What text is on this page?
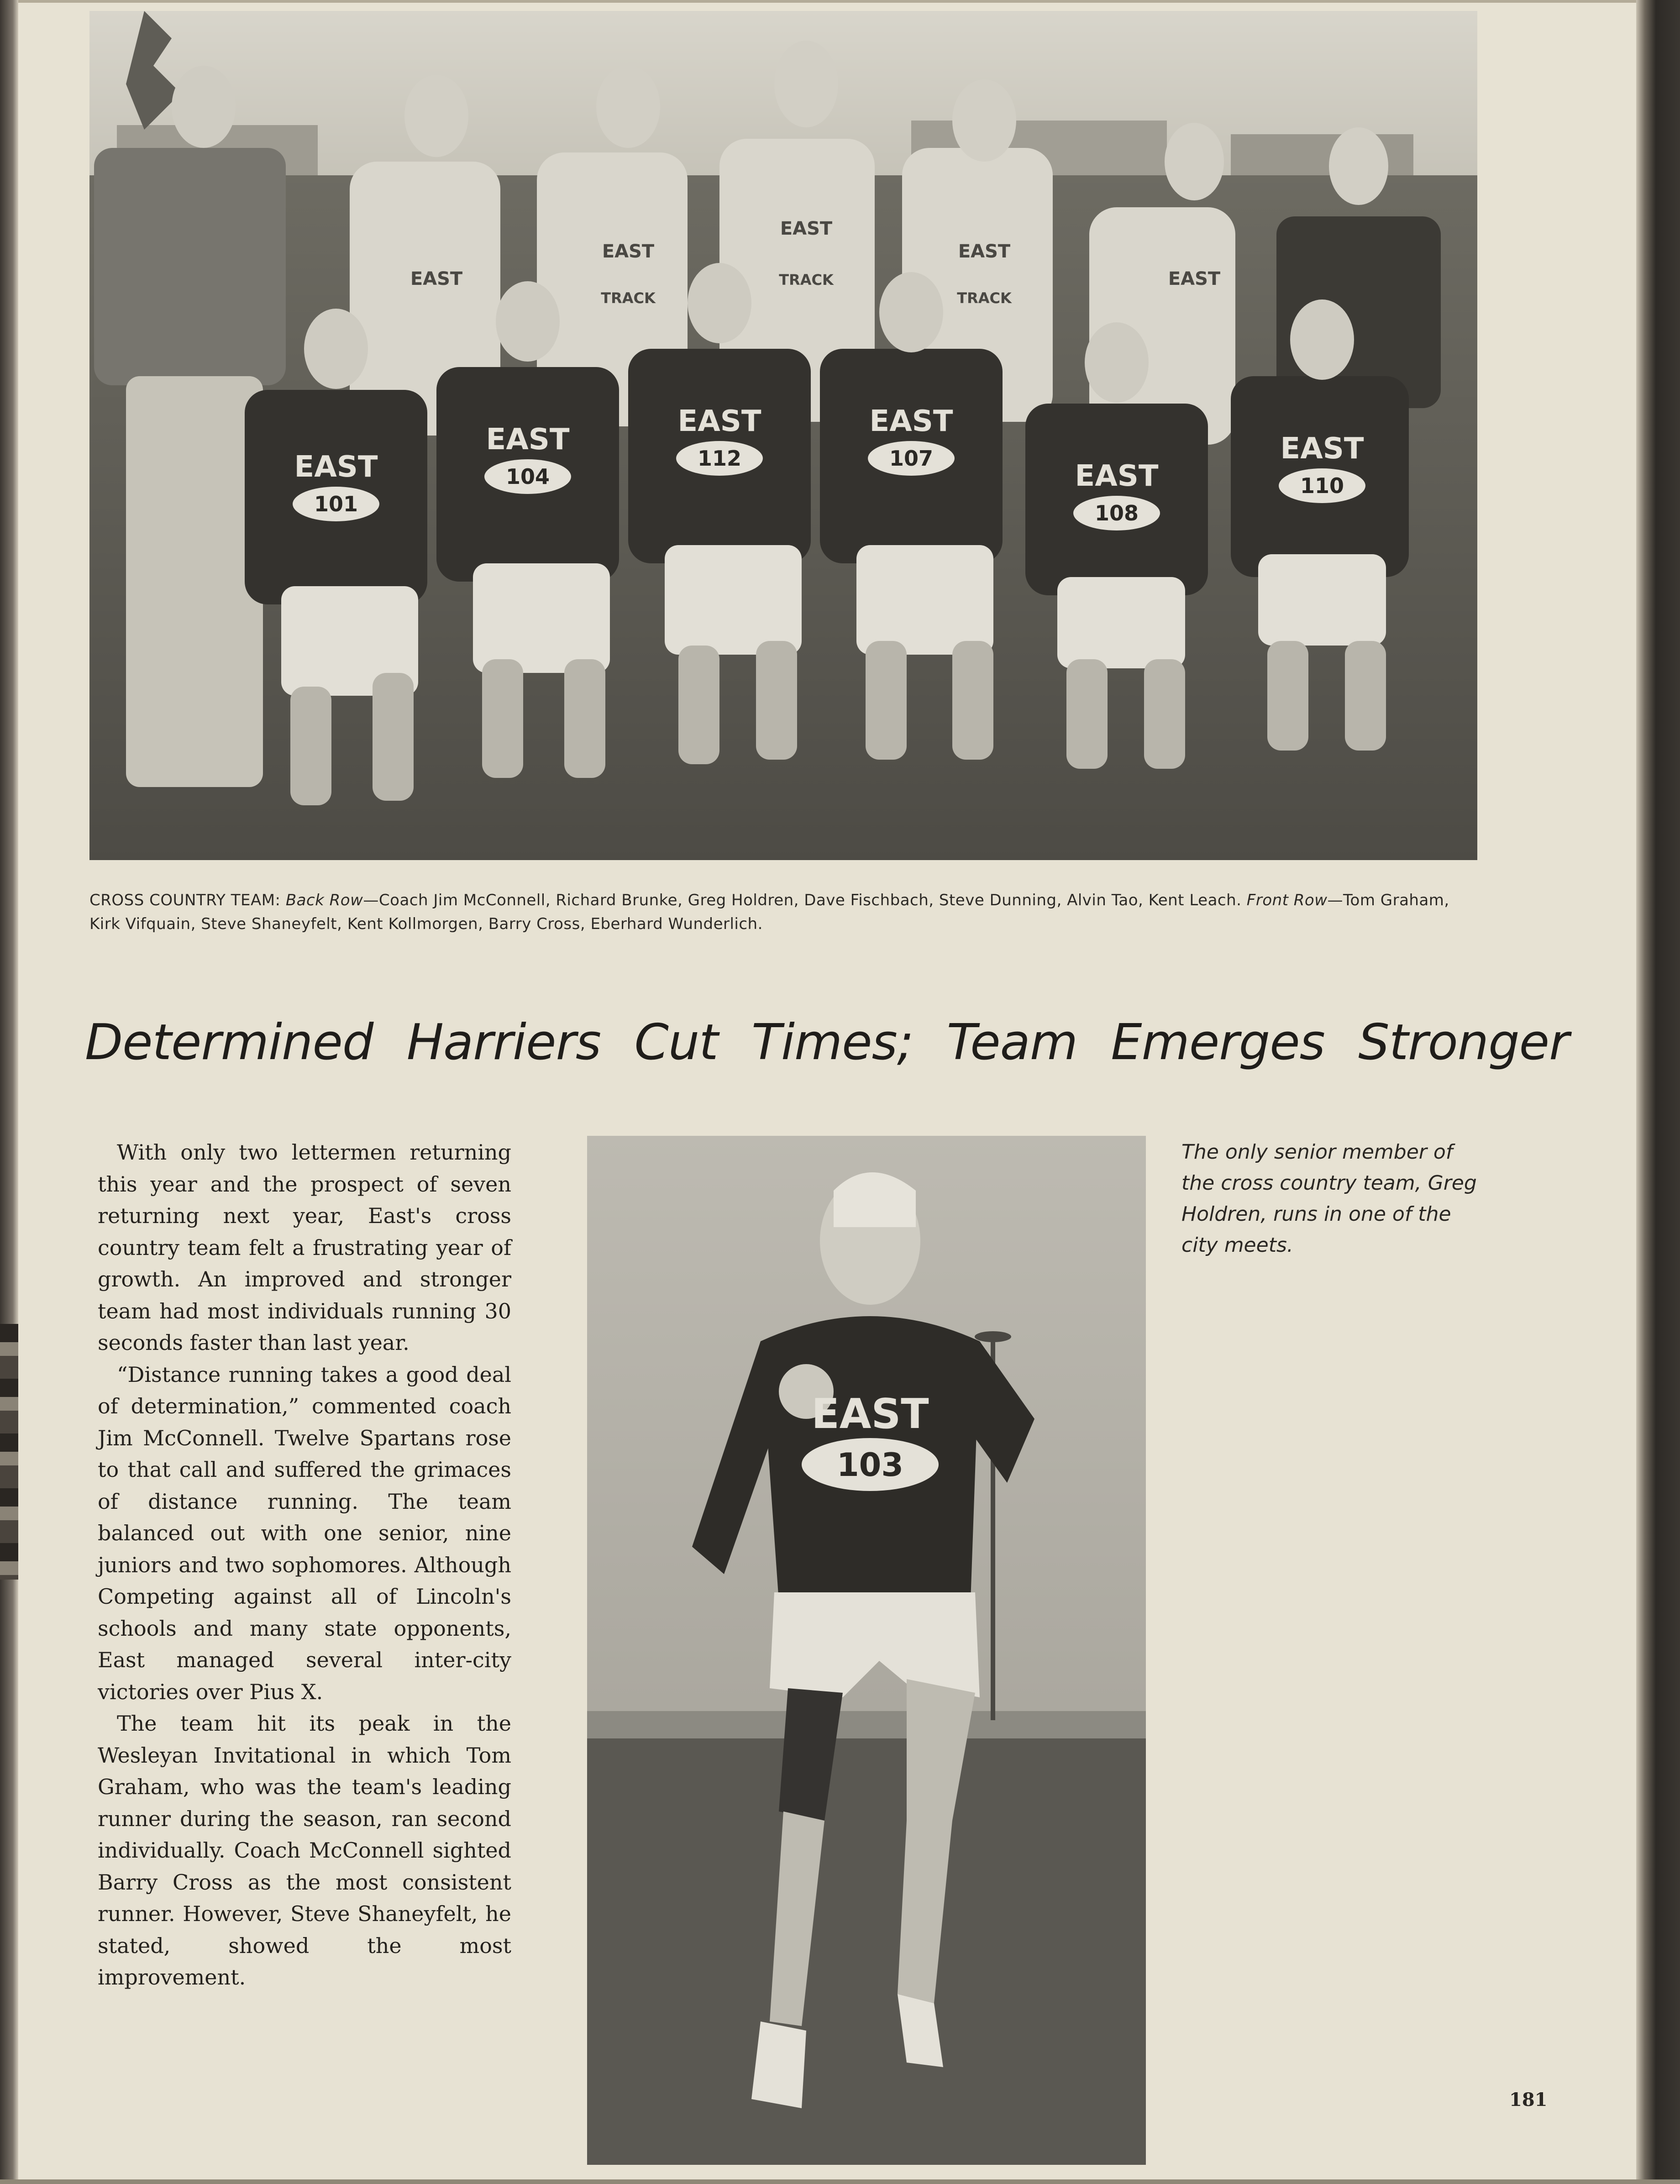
EAST
EAST
EAST	EAST
EAST
EAST
101
104
112	107
108
110
EAST
EAST
EAST
EAST
EAST
TRACK
TRACK
TRACK
CROSS COUNTRY TEAM: Back Row—Coach Jim McConnell, Richard Brunke, Greg Holdren, Dave Fischbach, Steve Dunning, Alvin Tao, Kent Leach. Front Row—Tom Graham, Kirk Vifquain, Steve Shaneyfelt, Kent Kollmorgen, Barry Cross, Eberhard Wunderlich.
Determined Harriers Cut Times; Team Emerges Stronger

With only two lettermen returning this year and the prospect of seven returning next year, East's cross country team felt a frustrating year of growth. An improved and stronger team had most individuals running 30 seconds faster than last year.

“Distance running takes a good deal of determination,” commented coach Jim McConnell. Twelve Spartans rose to that call and suffered the grimaces of distance running. The team balanced out with one senior, nine juniors and two sophomores. Although Competing against all of Lincoln's schools and many state opponents, East managed several inter-city victories over Pius X.

The team hit its peak in the Wesleyan Invitational in which Tom Graham, who was the team's leading runner during the season, ran second individually. Coach McConnell sighted Barry Cross as the most consistent runner. However, Steve Shaneyfelt, he stated, showed the most improvement.

EAST
103
The only senior member of the cross country team, Greg Holdren, runs in one of the city meets.
181
